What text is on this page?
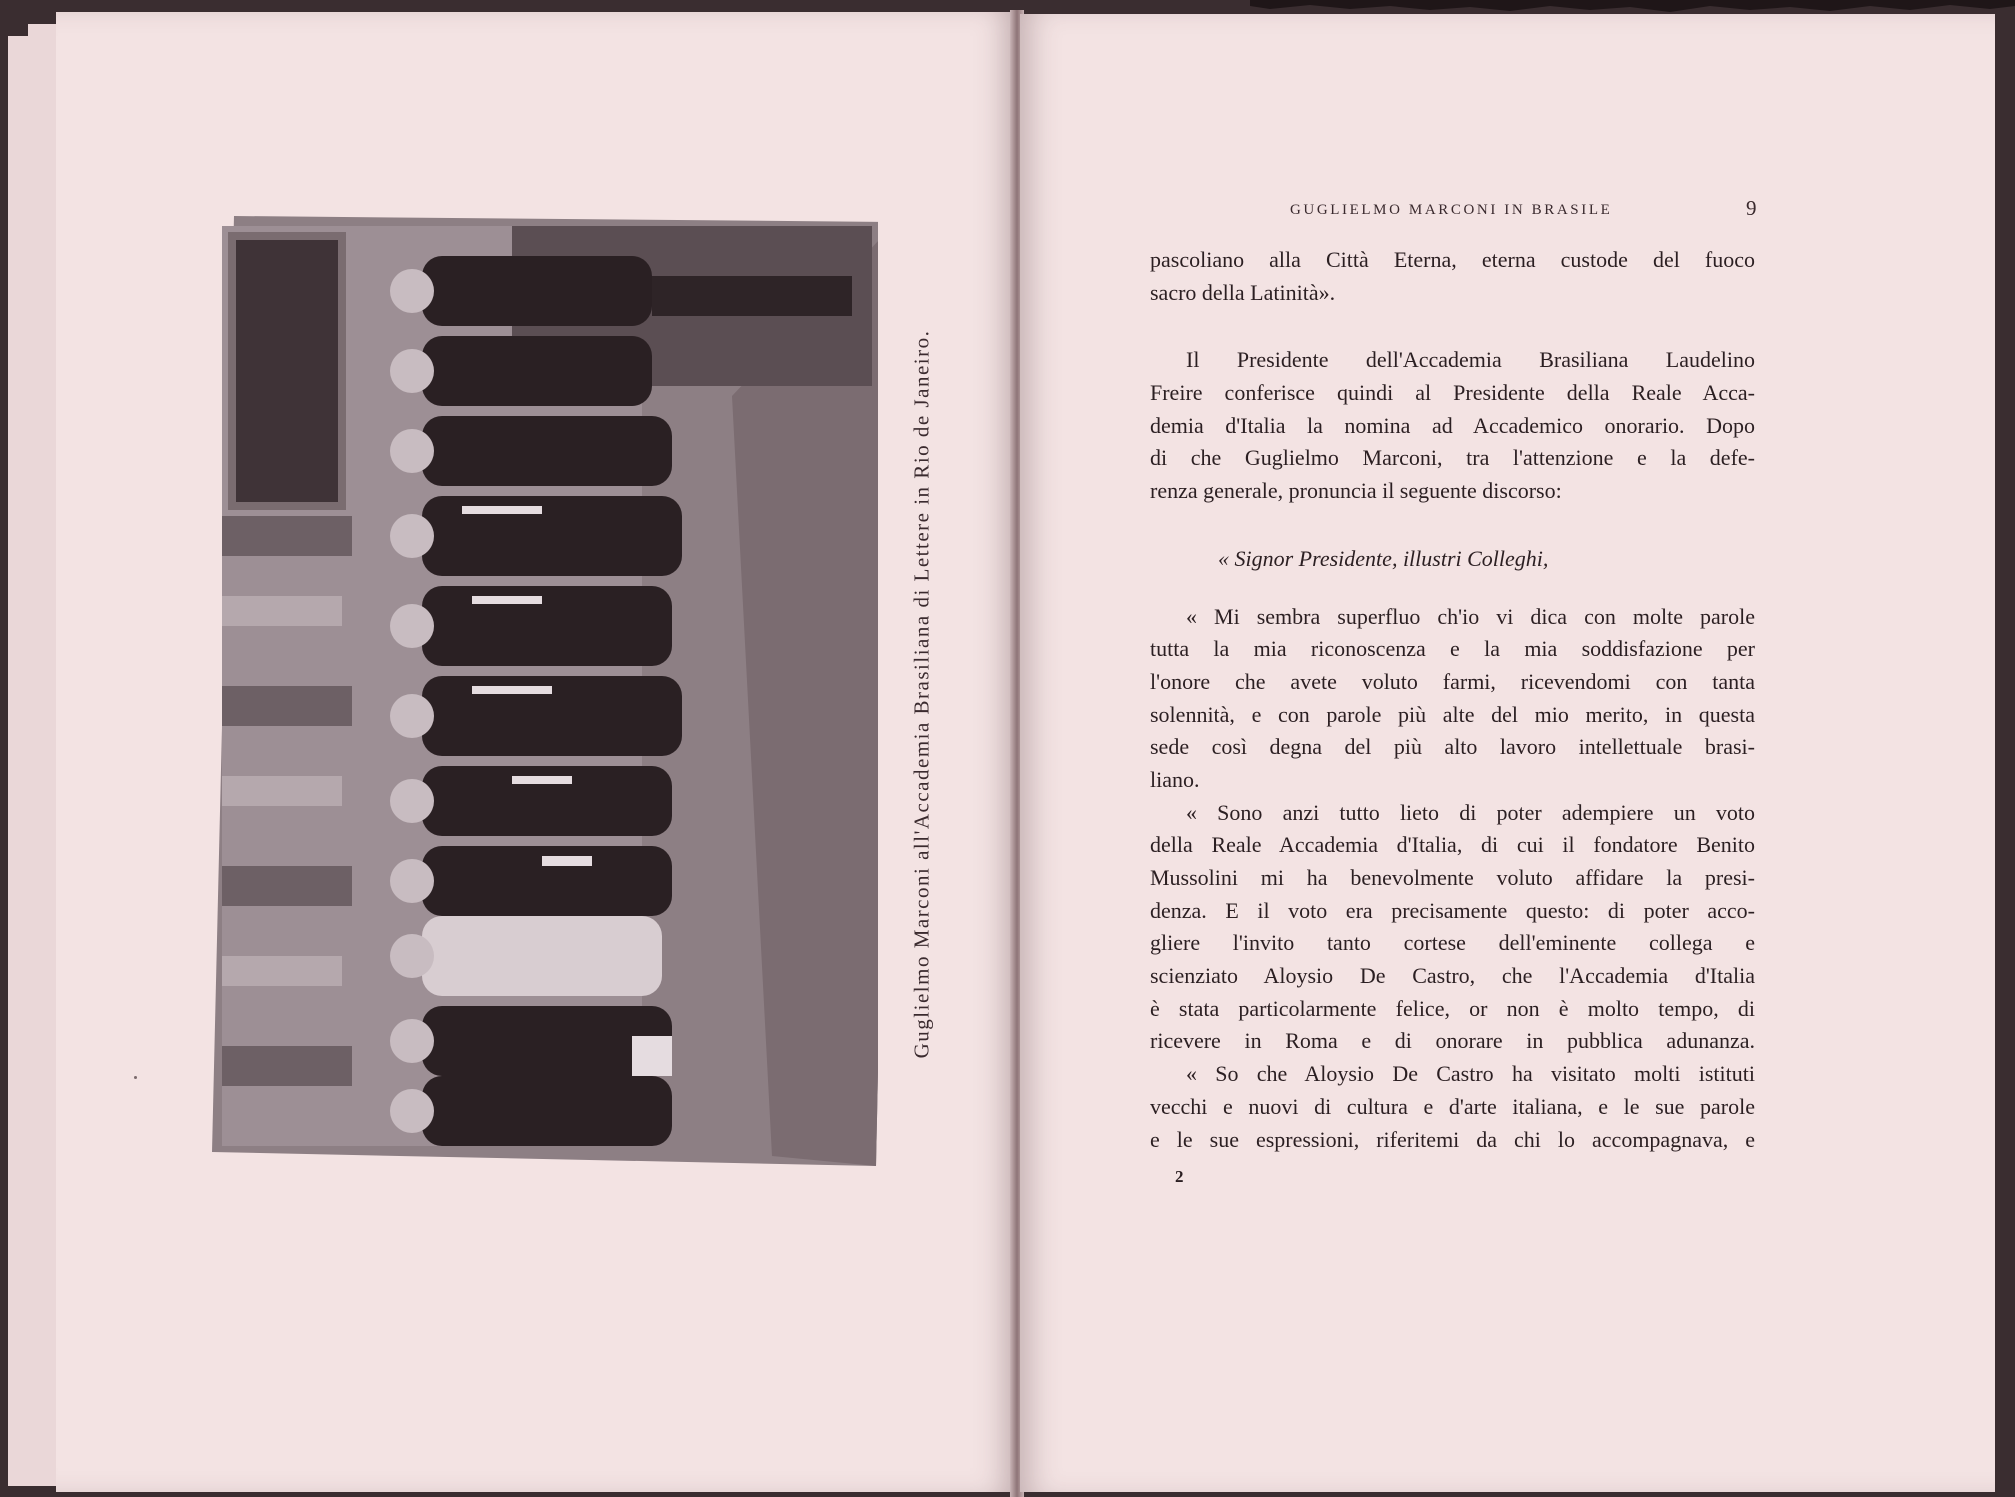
Guglielmo Marconi all'Accademia Brasiliana di Lettere in Rio de Janeiro.
GUGLIELMO MARCONI IN BRASILE	9
pascoliano alla Città Eterna, eterna custode del fuoco
sacro della Latinità».
Il Presidente dell'Accademia Brasiliana Laudelino
Freire conferisce quindi al Presidente della Reale Acca-
demia d'Italia la nomina ad Accademico onorario. Dopo
di che Guglielmo Marconi, tra l'attenzione e la defe-
renza generale, pronuncia il seguente discorso:
« Signor Presidente, illustri Colleghi,
« Mi sembra superfluo ch'io vi dica con molte parole
tutta la mia riconoscenza e la mia soddisfazione per
l'onore che avete voluto farmi, ricevendomi con tanta
solennità, e con parole più alte del mio merito, in questa
sede così degna del più alto lavoro intellettuale brasi-
liano.
« Sono anzi tutto lieto di poter adempiere un voto
della Reale Accademia d'Italia, di cui il fondatore Benito
Mussolini mi ha benevolmente voluto affidare la presi-
denza. E il voto era precisamente questo: di poter acco-
gliere l'invito tanto cortese dell'eminente collega e
scienziato Aloysio De Castro, che l'Accademia d'Italia
è stata particolarmente felice, or non è molto tempo, di
ricevere in Roma e di onorare in pubblica adunanza.
« So che Aloysio De Castro ha visitato molti istituti
vecchi e nuovi di cultura e d'arte italiana, e le sue parole
e le sue espressioni, riferitemi da chi lo accompagnava, e
2
